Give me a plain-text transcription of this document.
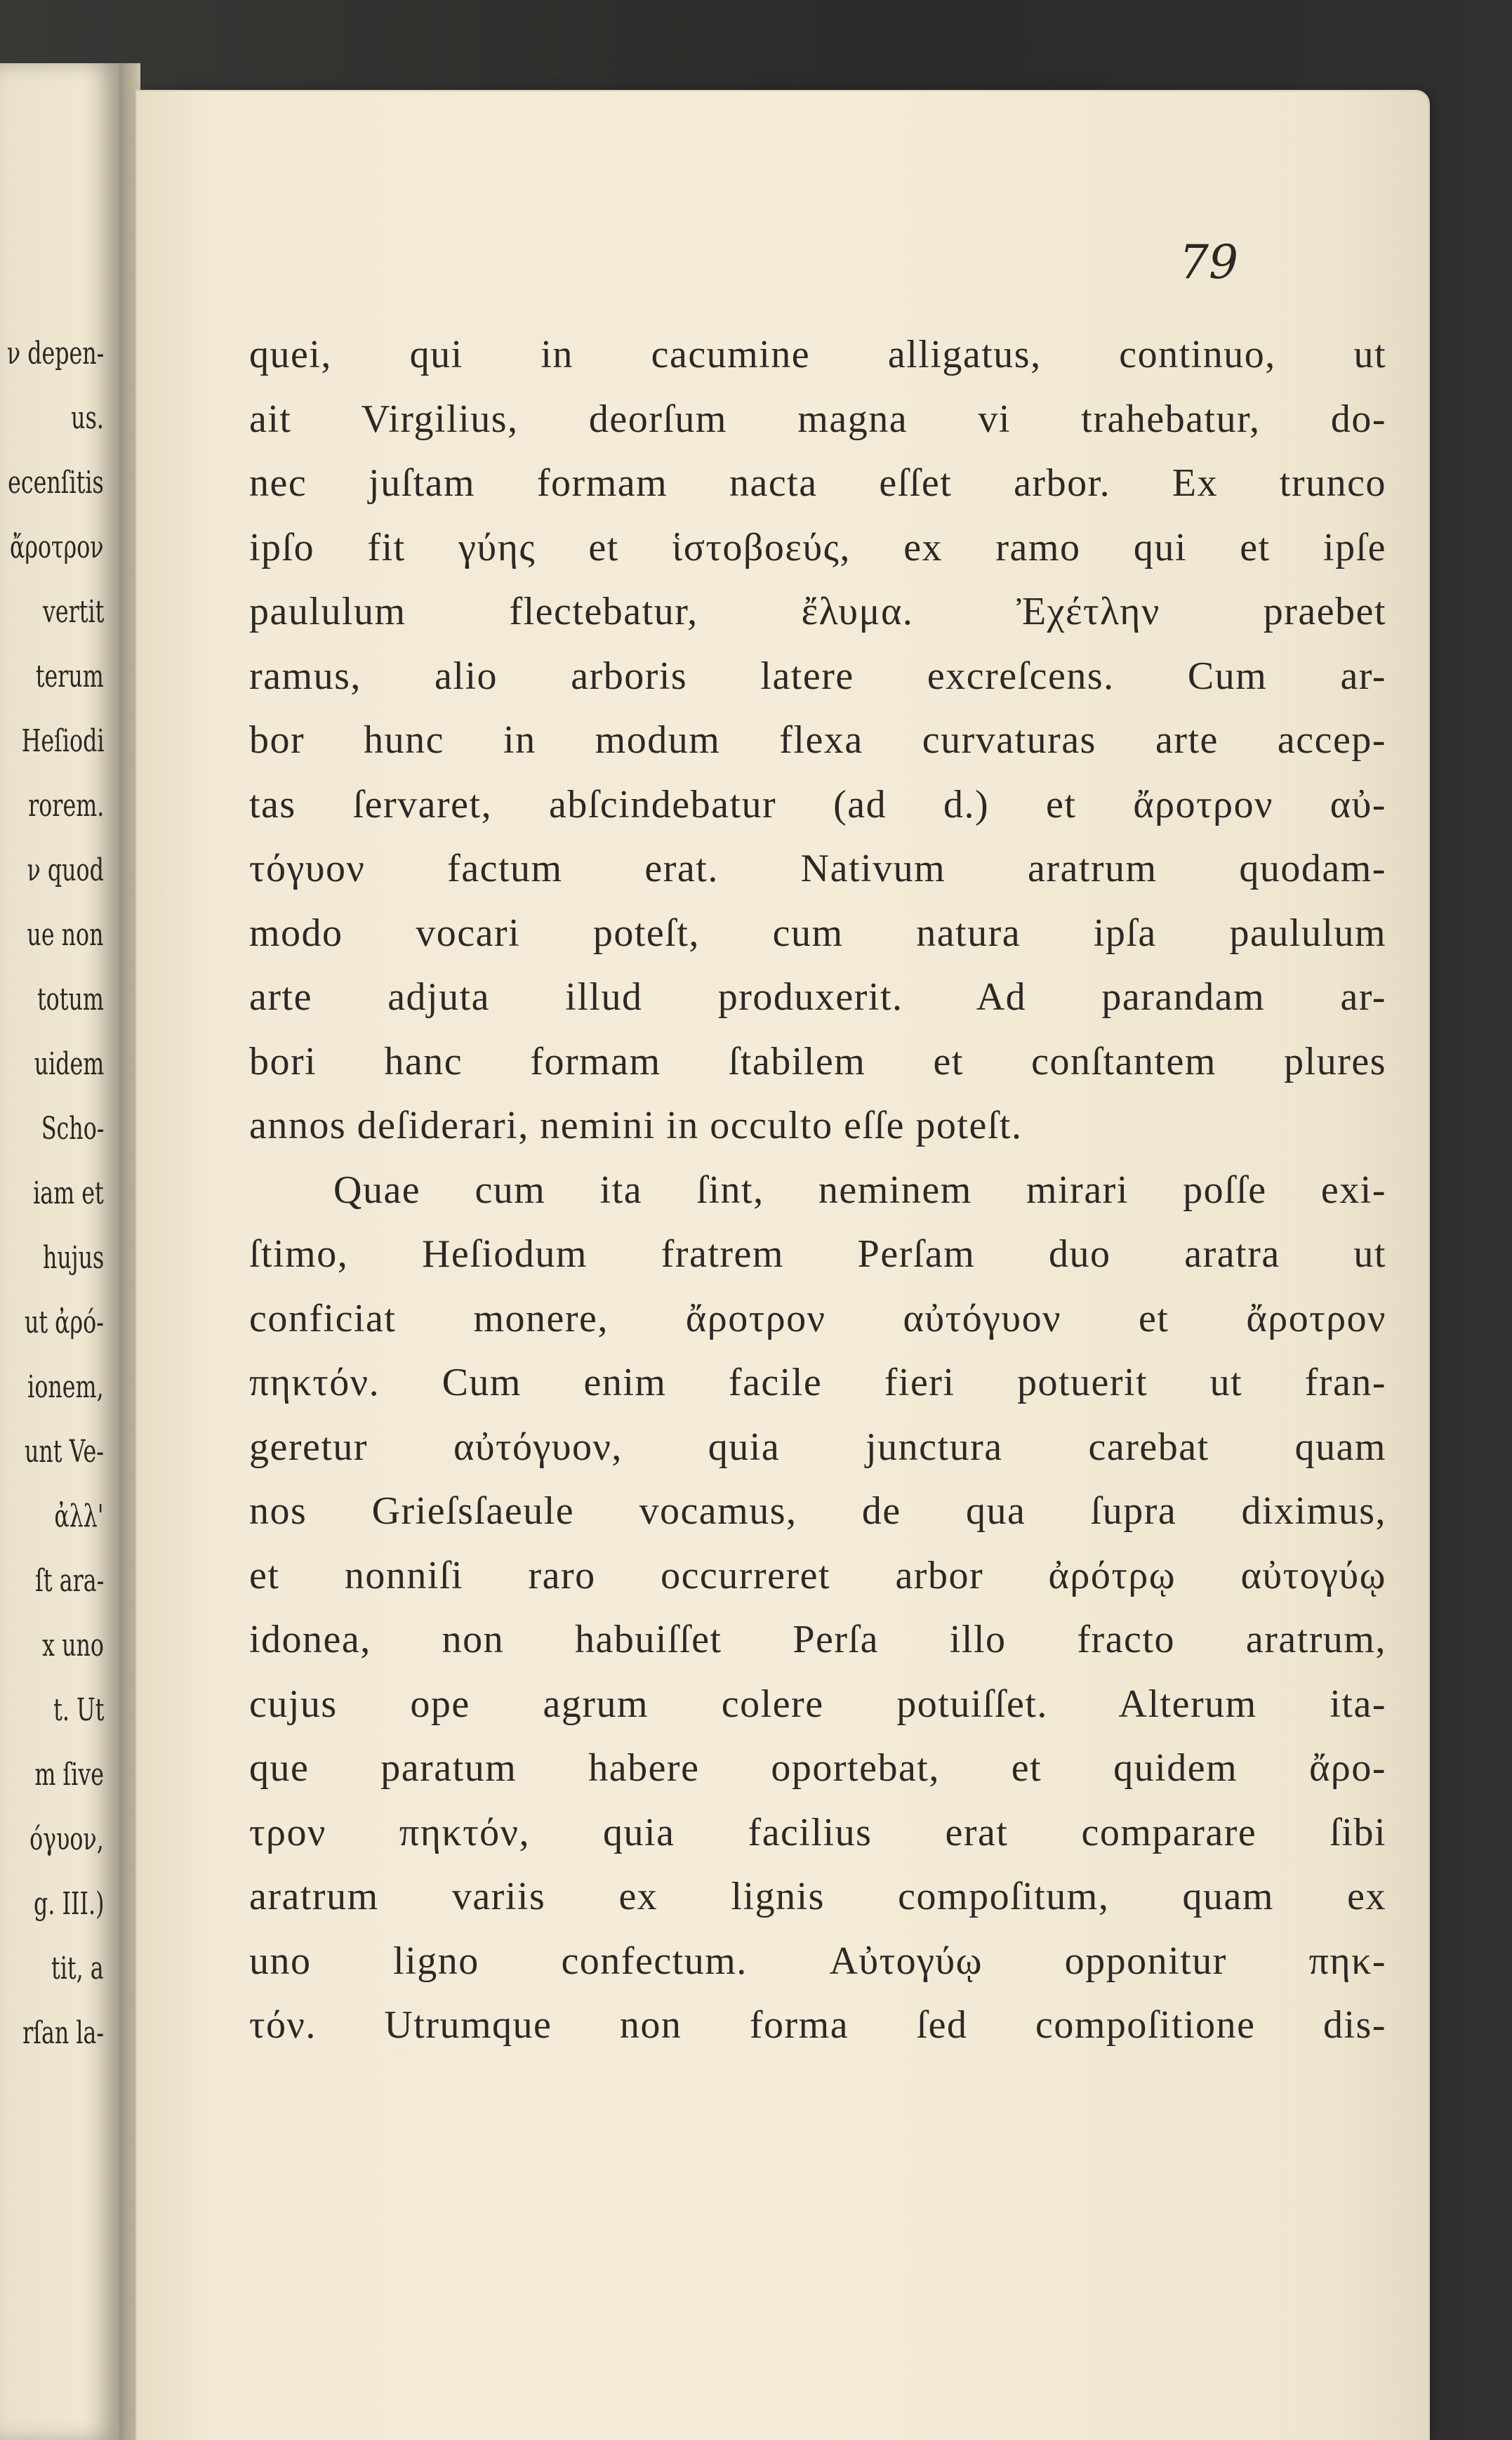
ν depen-
us.
ecenſitis
ἄροτρον
vertit
terum
Heſiodi
rorem.
ν quod
ue non
totum
uidem
Scho-
iam et
hujus
ut ἀρό-
ionem,
unt Ve-
ἀλλ'
ſt ara-
x uno
t. Ut
m ſive
όγυον,
g. III.)
tit, a
rſan la-
79
quei, qui in cacumine alligatus, continuo, ut
ait Virgilius, deorſum magna vi trahebatur, do-
nec juſtam formam nacta eſſet arbor. Ex trunco
ipſo fit γύης et ἱστοβοεύς, ex ramo qui et ipſe
paululum flectebatur, ἔλυμα. Ἐχέτλην praebet
ramus, alio arboris latere excreſcens. Cum ar-
bor hunc in modum flexa curvaturas arte accep-
tas ſervaret, abſcindebatur (ad d.) et ἄροτρον αὐ-
τόγυον factum erat. Nativum aratrum quodam-
modo vocari poteſt, cum natura ipſa paululum
arte adjuta illud produxerit. Ad parandam ar-
bori hanc formam ſtabilem et conſtantem plures
annos deſiderari, nemini in occulto eſſe poteſt.
Quae cum ita ſint, neminem mirari poſſe exi-
ſtimo, Heſiodum fratrem Perſam duo aratra ut
conficiat monere, ἄροτρον αὐτόγυον et ἄροτρον
πηκτόν. Cum enim facile fieri potuerit ut fran-
geretur αὐτόγυον, quia junctura carebat quam
nos Grieſsſaeule vocamus, de qua ſupra diximus,
et nonniſi raro occurreret arbor ἀρότρῳ αὐτογύῳ
idonea, non habuiſſet Perſa illo fracto aratrum,
cujus ope agrum colere potuiſſet. Alterum ita-
que paratum habere oportebat, et quidem ἄρο-
τρον πηκτόν, quia facilius erat comparare ſibi
aratrum variis ex lignis compoſitum, quam ex
uno ligno confectum. Αὐτογύῳ opponitur πηκ-
τόν. Utrumque non forma ſed compoſitione dis-
